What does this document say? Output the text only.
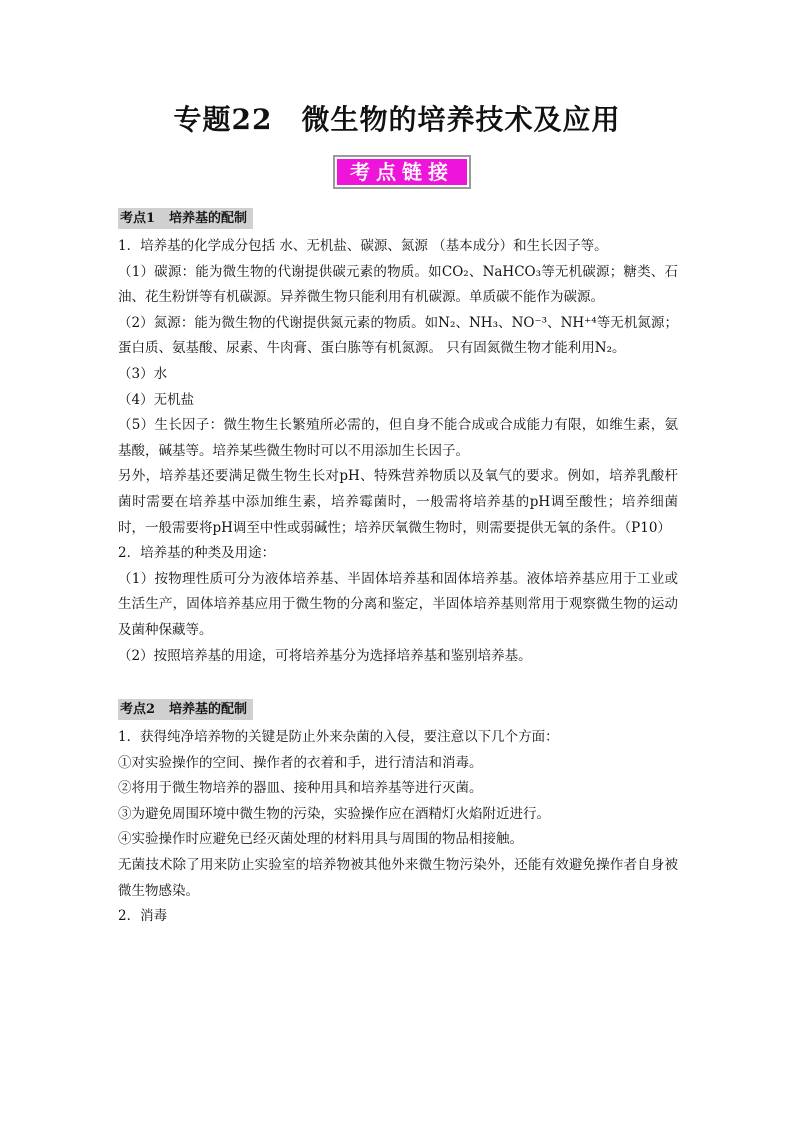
专题22　微生物的培养技术及应用
考点链接
考点1 培养基的配制

1．培养基的化学成分包括 水、无机盐、碳源、氮源 （基本成分）和生长因子等。

（1）碳源：能为微生物的代谢提供碳元素的物质。如CO₂、NaHCO₃等无机碳源；糖类、石油、花生粉饼等有机碳源。异养微生物只能利用有机碳源。单质碳不能作为碳源。

（2）氮源：能为微生物的代谢提供氮元素的物质。如N₂、NH₃、NO⁻³、NH⁺⁴等无机氮源；蛋白质、氨基酸、尿素、牛肉膏、蛋白胨等有机氮源。 只有固氮微生物才能利用N₂。

（3）水

（4）无机盐

（5）生长因子：微生物生长繁殖所必需的，但自身不能合成或合成能力有限，如维生素，氨基酸，碱基等。培养某些微生物时可以不用添加生长因子。

另外，培养基还要满足微生物生长对pH、特殊营养物质以及氧气的要求。例如，培养乳酸杆菌时需要在培养基中添加维生素，培养霉菌时，一般需将培养基的pH调至酸性；培养细菌时，一般需要将pH调至中性或弱碱性；培养厌氧微生物时，则需要提供无氧的条件。（P10）

2．培养基的种类及用途：

（1）按物理性质可分为液体培养基、半固体培养基和固体培养基。液体培养基应用于工业或生活生产，固体培养基应用于微生物的分离和鉴定，半固体培养基则常用于观察微生物的运动及菌种保藏等。

（2）按照培养基的用途，可将培养基分为选择培养基和鉴别培养基。

考点2 培养基的配制

1．获得纯净培养物的关键是防止外来杂菌的入侵，要注意以下几个方面：

①对实验操作的空间、操作者的衣着和手，进行清洁和消毒。

②将用于微生物培养的器皿、接种用具和培养基等进行灭菌。

③为避免周围环境中微生物的污染，实验操作应在酒精灯火焰附近进行。

④实验操作时应避免已经灭菌处理的材料用具与周围的物品相接触。

无菌技术除了用来防止实验室的培养物被其他外来微生物污染外，还能有效避免操作者自身被微生物感染。

2．消毒
